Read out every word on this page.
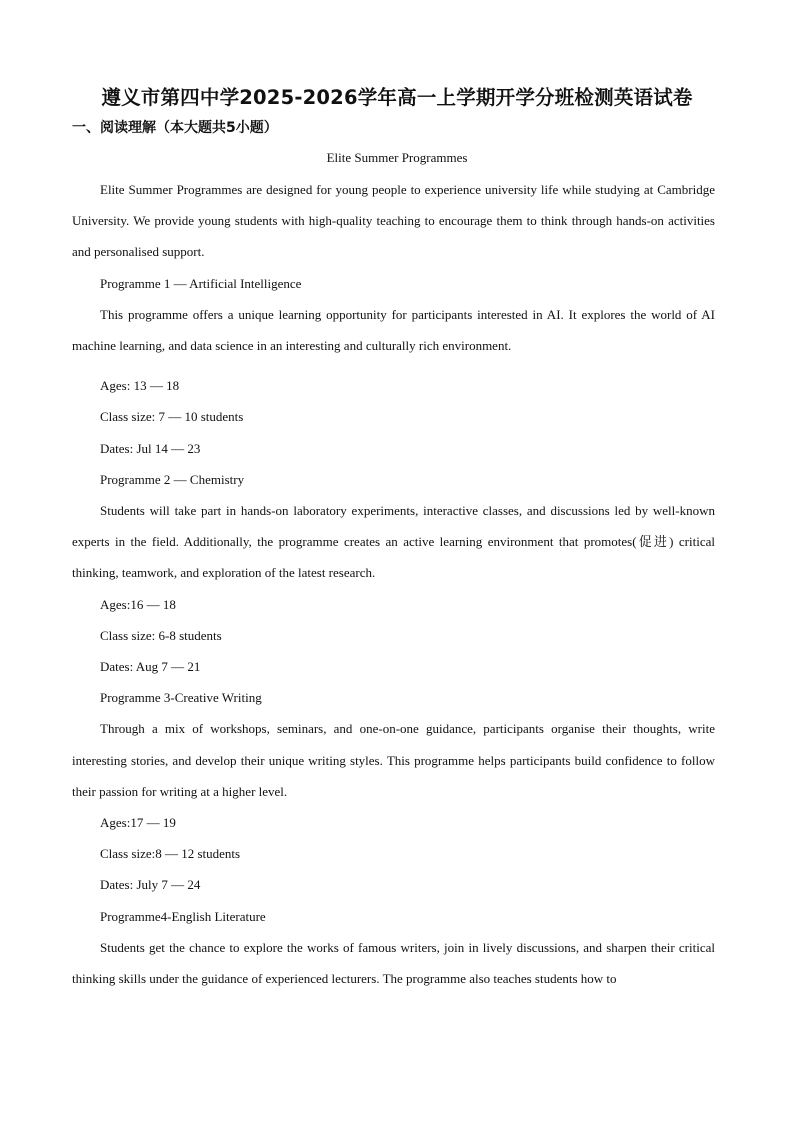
遵义市第四中学2025-2026学年高一上学期开学分班检测英语试卷
一、阅读理解（本大题共5小题）
Elite Summer Programmes

Elite Summer Programmes are designed for young people to experience university life while studying at Cambridge University. We provide young students with high-quality teaching to encourage them to think through hands-on activities and personalised support.

Programme 1 — Artificial Intelligence

This programme offers a unique learning opportunity for participants interested in AI. It explores the world of AI machine learning, and data science in an interesting and culturally rich environment.

Ages: 13 — 18

Class size: 7 — 10 students

Dates: Jul 14 — 23

Programme 2 — Chemistry

Students will take part in hands-on laboratory experiments, interactive classes, and discussions led by well-known experts in the field. Additionally, the programme creates an active learning environment that promotes(促进) critical thinking, teamwork, and exploration of the latest research.

Ages:16 — 18

Class size: 6-8 students

Dates: Aug 7 — 21

Programme 3-Creative Writing

Through a mix of workshops, seminars, and one-on-one guidance, participants organise their thoughts, write interesting stories, and develop their unique writing styles. This programme helps participants build confidence to follow their passion for writing at a higher level.

Ages:17 — 19

Class size:8 — 12 students

Dates: July 7 — 24

Programme4-English Literature

Students get the chance to explore the works of famous writers, join in lively discussions, and sharpen their critical thinking skills under the guidance of experienced lecturers. The programme also teaches students how to
